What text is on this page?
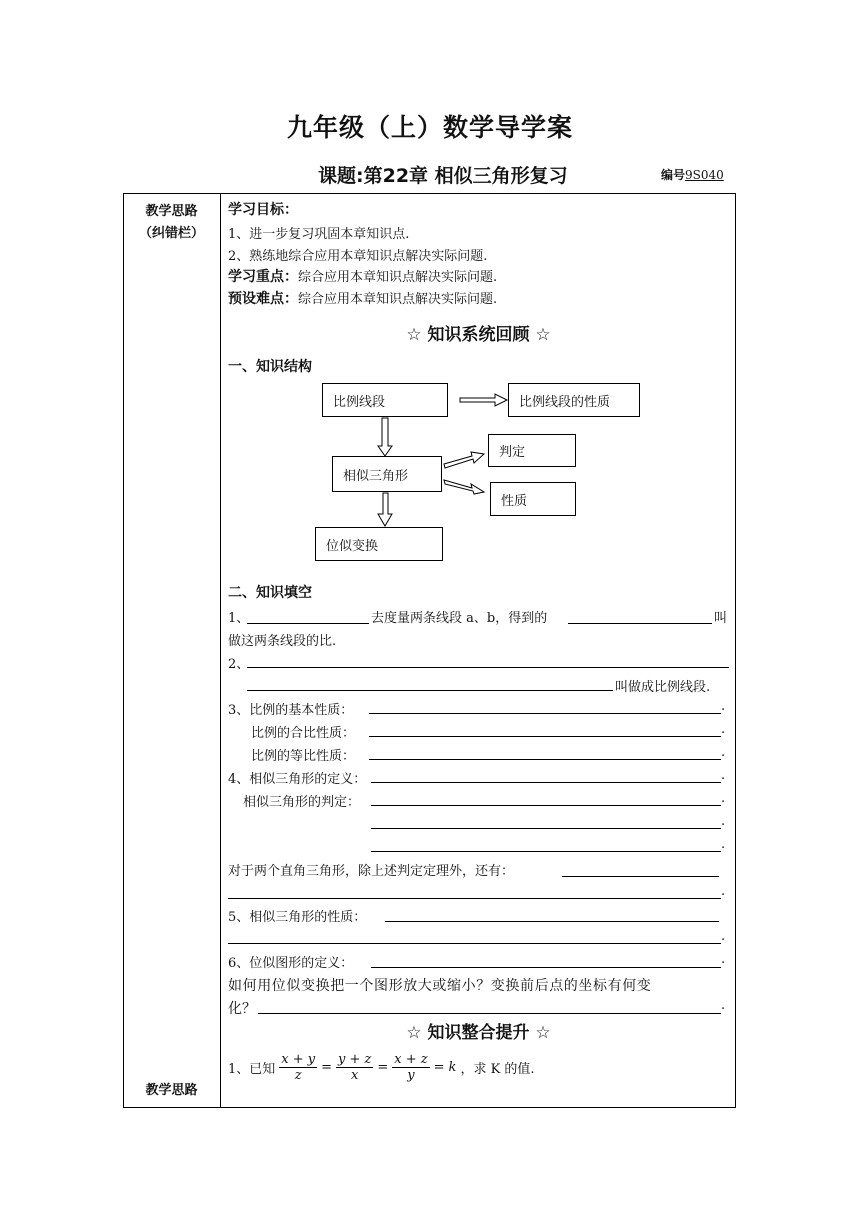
九年级（上）数学导学案
课题:第22章 相似三角形复习	编号9S040
教学思路
（纠错栏）
教学思路
学习目标：
1、进一步复习巩固本章知识点.
2、熟练地综合应用本章知识点解决实际问题.
学习重点：综合应用本章知识点解决实际问题.
预设难点：综合应用本章知识点解决实际问题.
☆ 知识系统回顾 ☆
一、知识结构
比例线段	比例线段的性质
相似三角形
判定
性质
位似变换
二、知识填空
1、	去度量两条线段 a、b，得到的	叫
做这两条线段的比.
2、
叫做成比例线段.
3、比例的基本性质：	.
比例的合比性质：	.
比例的等比性质：	.
4、相似三角形的定义：	.
相似三角形的判定：	.
.
.
对于两个直角三角形，除上述判定定理外，还有：
.
5、相似三角形的性质：
.
6、位似图形的定义：	.
如何用位似变换把一个图形放大或缩小？变换前后点的坐标有何变
化？	.
☆ 知识整合提升 ☆
1、已知 $\frac{x + y}{z} = \frac{y + z}{x} = \frac{x + z}{y} = k$ ，求 K 的值.
